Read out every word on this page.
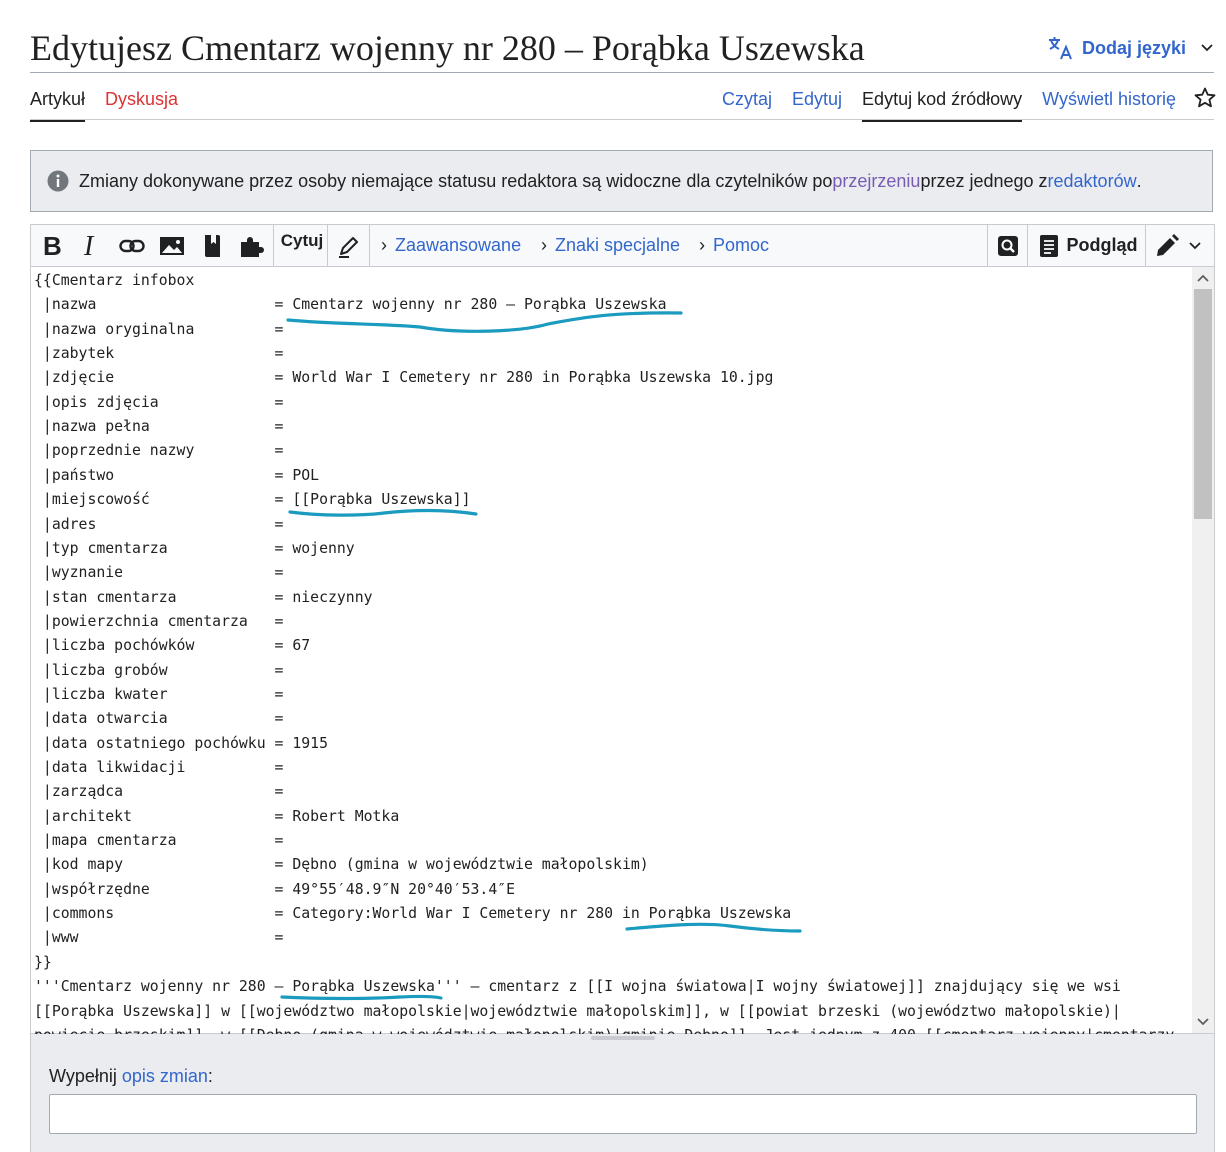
Edytujesz Cmentarz wojenny nr 280 – Porąbka Uszewska	Dodaj języki
Artykuł Dyskusja	Czytaj Edytuj Edytuj kod źródłowy Wyświetl historię
Zmiany dokonywane przez osoby niemające statusu redaktora są widoczne dla czytelników po przejrzeniu przez jednego z redaktorów .
B I	Cytuj	› Zaawansowane › Znaki specjalne › Pomoc	Podgląd
{{Cmentarz infobox
|nazwa                    = Cmentarz wojenny nr 280 – Porąbka Uszewska
|nazwa oryginalna         =
|zabytek                  =
|zdjęcie                  = World War I Cemetery nr 280 in Porąbka Uszewska 10.jpg
|opis zdjęcia             =
|nazwa pełna              =
|poprzednie nazwy         =
|państwo                  = POL
|miejscowość              = [[Porąbka Uszewska]]
|adres                    =
|typ cmentarza            = wojenny
|wyznanie                 =
|stan cmentarza           = nieczynny
|powierzchnia cmentarza   =
|liczba pochówków         = 67
|liczba grobów            =
|liczba kwater            =
|data otwarcia            =
|data ostatniego pochówku = 1915
|data likwidacji          =
|zarządca                 =
|architekt                = Robert Motka
|mapa cmentarza           =
|kod mapy                 = Dębno (gmina w województwie małopolskim)
|współrzędne              = 49°55′48.9″N 20°40′53.4″E
|commons                  = Category:World War I Cemetery nr 280 in Porąbka Uszewska
|www                      =
}}
'''Cmentarz wojenny nr 280 – Porąbka Uszewska''' – cmentarz z [[I wojna światowa|I wojny światowej]] znajdujący się we wsi
[[Porąbka Uszewska]] w [[województwo małopolskie|województwie małopolskim]], w [[powiat brzeski (województwo małopolskie)|
Wypełnij opis zmian:
